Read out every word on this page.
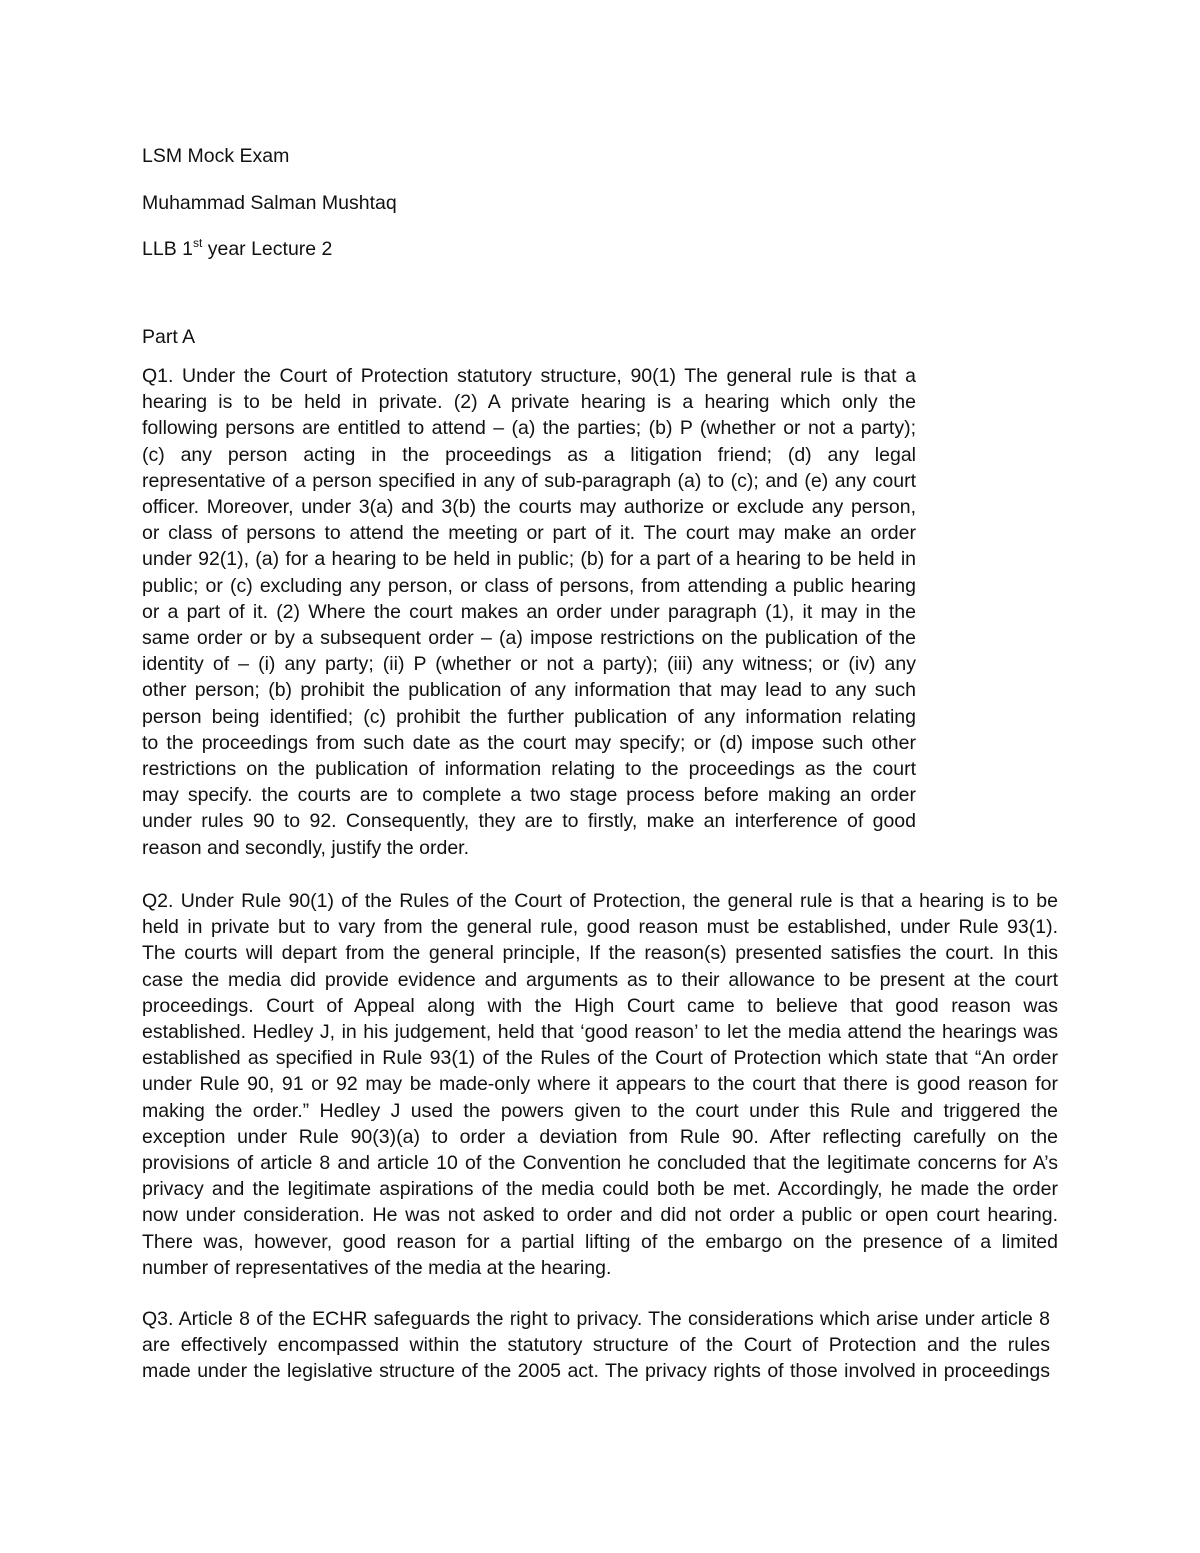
LSM Mock Exam
Muhammad Salman Mushtaq
LLB 1st year Lecture 2
Part A
Q1. Under the Court of Protection statutory structure, 90(1) The general rule is that a
hearing is to be held in private. (2) A private hearing is a hearing which only the
following persons are entitled to attend – (a) the parties; (b) P (whether or not a party);
(c) any person acting in the proceedings as a litigation friend; (d) any legal
representative of a person specified in any of sub-paragraph (a) to (c); and (e) any court
officer. Moreover, under 3(a) and 3(b) the courts may authorize or exclude any person,
or class of persons to attend the meeting or part of it. The court may make an order
under 92(1), (a) for a hearing to be held in public; (b) for a part of a hearing to be held in
public; or (c) excluding any person, or class of persons, from attending a public hearing
or a part of it. (2) Where the court makes an order under paragraph (1), it may in the
same order or by a subsequent order – (a) impose restrictions on the publication of the
identity of – (i) any party; (ii) P (whether or not a party); (iii) any witness; or (iv) any
other person; (b) prohibit the publication of any information that may lead to any such
person being identified; (c) prohibit the further publication of any information relating
to the proceedings from such date as the court may specify; or (d) impose such other
restrictions on the publication of information relating to the proceedings as the court
may specify. the courts are to complete a two stage process before making an order
under rules 90 to 92. Consequently, they are to firstly, make an interference of good
reason and secondly, justify the order.
Q2. Under Rule 90(1) of the Rules of the Court of Protection, the general rule is that a hearing is to be
held in private but to vary from the general rule, good reason must be established, under Rule 93(1).
The courts will depart from the general principle, If the reason(s) presented satisfies the court. In this
case the media did provide evidence and arguments as to their allowance to be present at the court
proceedings. Court of Appeal along with the High Court came to believe that good reason was
established. Hedley J, in his judgement, held that ‘good reason’ to let the media attend the hearings was
established as specified in Rule 93(1) of the Rules of the Court of Protection which state that “An order
under Rule 90, 91 or 92 may be made-only where it appears to the court that there is good reason for
making the order.” Hedley J used the powers given to the court under this Rule and triggered the
exception under Rule 90(3)(a) to order a deviation from Rule 90. After reflecting carefully on the
provisions of article 8 and article 10 of the Convention he concluded that the legitimate concerns for A’s
privacy and the legitimate aspirations of the media could both be met. Accordingly, he made the order
now under consideration. He was not asked to order and did not order a public or open court hearing.
There was, however, good reason for a partial lifting of the embargo on the presence of a limited
number of representatives of the media at the hearing.
Q3. Article 8 of the ECHR safeguards the right to privacy. The considerations which arise under article 8
are effectively encompassed within the statutory structure of the Court of Protection and the rules
made under the legislative structure of the 2005 act. The privacy rights of those involved in proceedings
